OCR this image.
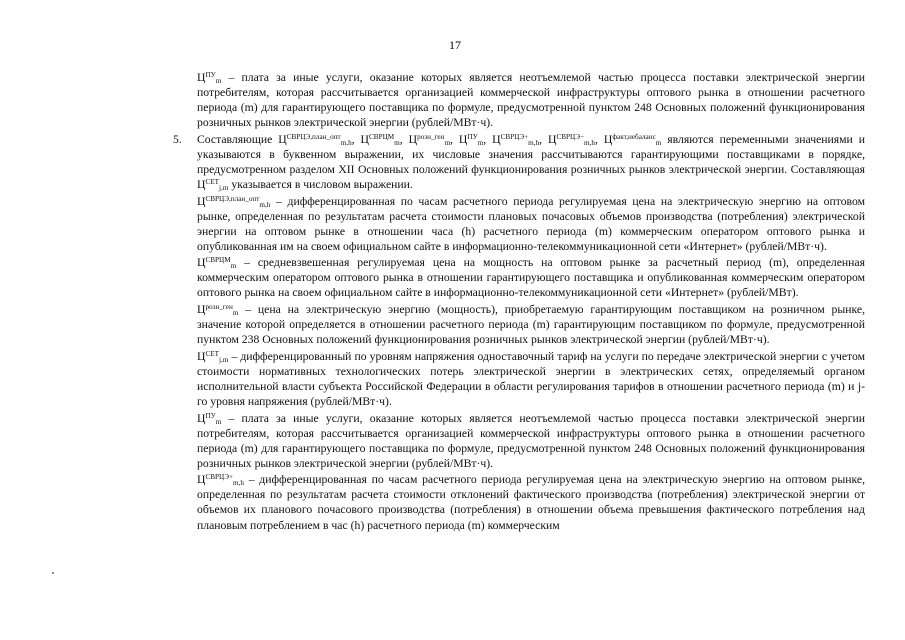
17

$Ц^{ПУ}_m$ – плата за иные услуги, оказание которых является неотъемлемой частью процесса поставки электрической энергии потребителям, которая рассчитывается организацией коммерческой инфраструктуры оптового рынка в отношении расчетного периода (m) для гарантирующего поставщика по формуле, предусмотренной пунктом 248 Основных положений функционирования розничных рынков электрической энергии (рублей/МВт·ч).

5. Составляющие $Ц^{СВРЦЭ,план\_опт}_{m,h}$, $Ц^{СВРЦМ}_m$, $Ц^{розн\_ген}_m$, $Ц^{ПУ}_m$, $Ц^{СВРЦЭ+}_{m,h}$, $Ц^{СВРЦЭ-}_{m,h}$, $Ц^{факт,небаланс}_m$ являются переменными значениями и указываются в буквенном выражении, их числовые значения рассчитываются гарантирующими поставщиками в порядке, предусмотренном разделом XII Основных положений функционирования розничных рынков электрической энергии. Составляющая $Ц^{СЕТ}_{j,m}$ указывается в числовом выражении.

$Ц^{СВРЦЭ,план\_опт}_{m,h}$ – дифференцированная по часам расчетного периода регулируемая цена на электрическую энергию на оптовом рынке, определенная по результатам расчета стоимости плановых почасовых объемов производства (потребления) электрической энергии на оптовом рынке в отношении часа (h) расчетного периода (m) коммерческим оператором оптового рынка и опубликованная им на своем официальном сайте в информационно-телекоммуникационной сети «Интернет» (рублей/МВт·ч).

$Ц^{СВРЦМ}_m$ – средневзвешенная регулируемая цена на мощность на оптовом рынке за расчетный период (m), определенная коммерческим оператором оптового рынка в отношении гарантирующего поставщика и опубликованная коммерческим оператором оптового рынка на своем официальном сайте в информационно-телекоммуникационной сети «Интернет» (рублей/МВт).

$Ц^{розн\_ген}_m$ – цена на электрическую энергию (мощность), приобретаемую гарантирующим поставщиком на розничном рынке, значение которой определяется в отношении расчетного периода (m) гарантирующим поставщиком по формуле, предусмотренной пунктом 238 Основных положений функционирования розничных рынков электрической энергии (рублей/МВт·ч).

$Ц^{СЕТ}_{j,m}$ – дифференцированный по уровням напряжения одноставочный тариф на услуги по передаче электрической энергии с учетом стоимости нормативных технологических потерь электрической энергии в электрических сетях, определяемый органом исполнительной власти субъекта Российской Федерации в области регулирования тарифов в отношении расчетного периода (m) и j-го уровня напряжения (рублей/МВт·ч).

$Ц^{ПУ}_m$ – плата за иные услуги, оказание которых является неотъемлемой частью процесса поставки электрической энергии потребителям, которая рассчитывается организацией коммерческой инфраструктуры оптового рынка в отношении расчетного периода (m) для гарантирующего поставщика по формуле, предусмотренной пунктом 248 Основных положений функционирования розничных рынков электрической энергии (рублей/МВт·ч).

$Ц^{СВРЦЭ+}_{m,h}$ – дифференцированная по часам расчетного периода регулируемая цена на электрическую энергию на оптовом рынке, определенная по результатам расчета стоимости отклонений фактического производства (потребления) электрической энергии от объемов их планового почасового производства (потребления) в отношении объема превышения фактического потребления над плановым потреблением в час (h) расчетного периода (m) коммерческим
